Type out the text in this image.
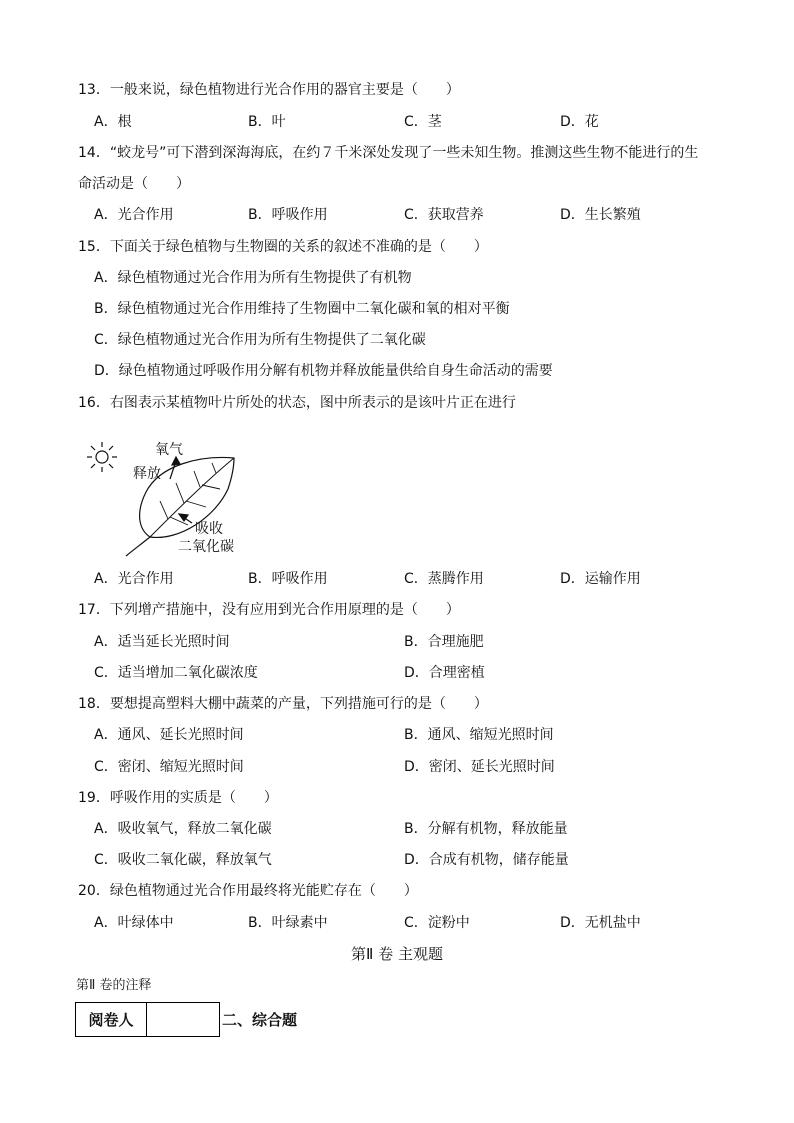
13．一般来说，绿色植物进行光合作用的器官主要是（　　）
A．根	B．叶	C．茎	D．花
14．“蛟龙号”可下潜到深海海底，在约７千米深处发现了一些未知生物。推测这些生物不能进行的生
命活动是（　　）
A．光合作用	B．呼吸作用	C．获取营养	D．生长繁殖
15．下面关于绿色植物与生物圈的关系的叙述不准确的是（　　）
A．绿色植物通过光合作用为所有生物提供了有机物
B．绿色植物通过光合作用维持了生物圈中二氧化碳和氧的相对平衡
C．绿色植物通过光合作用为所有生物提供了二氧化碳
D．绿色植物通过呼吸作用分解有机物并释放能量供给自身生命活动的需要
16．右图表示某植物叶片所处的状态，图中所表示的是该叶片正在进行
氧气
释放
吸收
二氧化碳
A．光合作用	B．呼吸作用	C．蒸腾作用	D．运输作用
17．下列增产措施中，没有应用到光合作用原理的是（　　）
A．适当延长光照时间	B．合理施肥
C．适当增加二氧化碳浓度	D．合理密植
18．要想提高塑料大棚中蔬菜的产量，下列措施可行的是（　　）
A．通风、延长光照时间	B．通风、缩短光照时间
C．密闭、缩短光照时间	D．密闭、延长光照时间
19．呼吸作用的实质是（　　）
A．吸收氧气，释放二氧化碳	B．分解有机物，释放能量
C．吸收二氧化碳，释放氧气	D．合成有机物，储存能量
20．绿色植物通过光合作用最终将光能贮存在（　　）
A．叶绿体中	B．叶绿素中	C．淀粉中	D．无机盐中
第Ⅱ 卷 主观题
第Ⅱ 卷的注释
阅卷人	二、综合题
